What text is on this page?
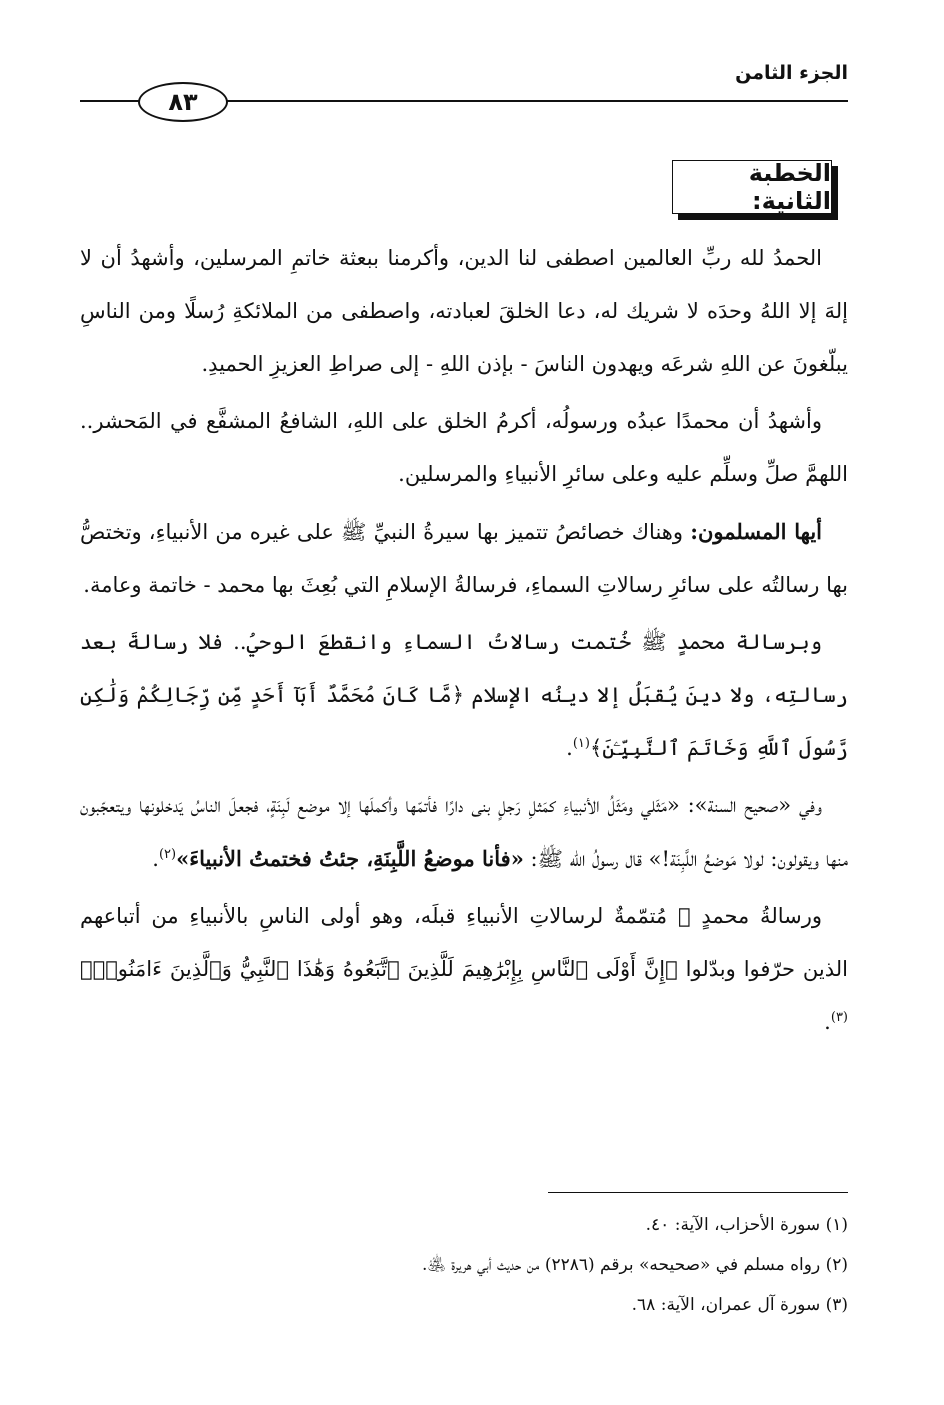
الجزء الثامن
٨٣
الخطبة الثانية:

الحمدُ لله ربِّ العالمين اصطفى لنا الدين، وأكرمنا ببعثة خاتمِ المرسلين، وأشهدُ أن لا إلهَ إلا اللهُ وحدَه لا شريك له، دعا الخلقَ لعبادته، واصطفى من الملائكةِ رُسلًا ومن الناسِ يبلّغونَ عن اللهِ شرعَه ويهدون الناسَ - بإذن اللهِ - إلى صراطِ العزيزِ الحميدِ.

وأشهدُ أن محمدًا عبدُه ورسولُه، أكرمُ الخلق على اللهِ، الشافعُ المشفَّع في المَحشر.. اللهمَّ صلِّ وسلِّم عليه وعلى سائرِ الأنبياءِ والمرسلين.

أيها المسلمون: وهناك خصائصُ تتميز بها سيرةُ النبيِّ ﷺ على غيره من الأنبياءِ، وتختصُّ بها رسالتُه على سائرِ رسالاتِ السماءِ، فرسالةُ الإسلامِ التي بُعِثَ بها محمد - خاتمة وعامة.

وبرسالة محمدٍ ﷺ خُتمت رسالاتُ السماءِ وانقطعَ الوحيُ.. فلا رسالةَ بعد رسالتِه، ولا دينَ يُقبَلُ إلا دينُه الإسلام ﴿مَّا كَانَ مُحَمَّدٌ أَبَآ أَحَدٍ مِّن رِّجَالِكُمْ وَلَٰكِن رَّسُولَ ٱللَّهِ وَخَاتَمَ ٱلنَّبِيِّـۧنَ﴾$^{(١)}$.

وفي «صحيح السنة»: «مَثَلي ومَثَلُ الأنبياءِ كمَثلِ رَجلٍ بنى دارًا فأتمّها وأكملَها إلا موضع لَبِنَةٍ، فجعلَ الناسُ يَدخلونها ويتعجّبون منها ويقولون: لولا مَوضعُ اللَّبِنَة!» قال رسولُ الله ﷺ: «فأنا موضعُ اللَّبِنَةِ، جئتُ فختمتُ الأنبياءَ»$^{(٢)}$.

ورسالةُ محمدٍ ﷺ مُتمّمةٌ لرسالاتِ الأنبياءِ قبلَه، وهو أولى الناسِ بالأنبياءِ من أتباعهم الذين حرّفوا وبدّلوا ﴿إِنَّ أَوْلَى ٱلنَّاسِ بِإِبْرَٰهِيمَ لَلَّذِينَ ٱتَّبَعُوهُ وَهَٰذَا ٱلنَّبِيُّ وَٱلَّذِينَ ءَامَنُوا۟﴾$^{(٣)}$.

(١) سورة الأحزاب، الآية: ٤٠.

(٢) رواه مسلم في «صحيحه» برقم (٢٢٨٦) من حديث أبي هريرة ﵁.

(٣) سورة آل عمران، الآية: ٦٨.
